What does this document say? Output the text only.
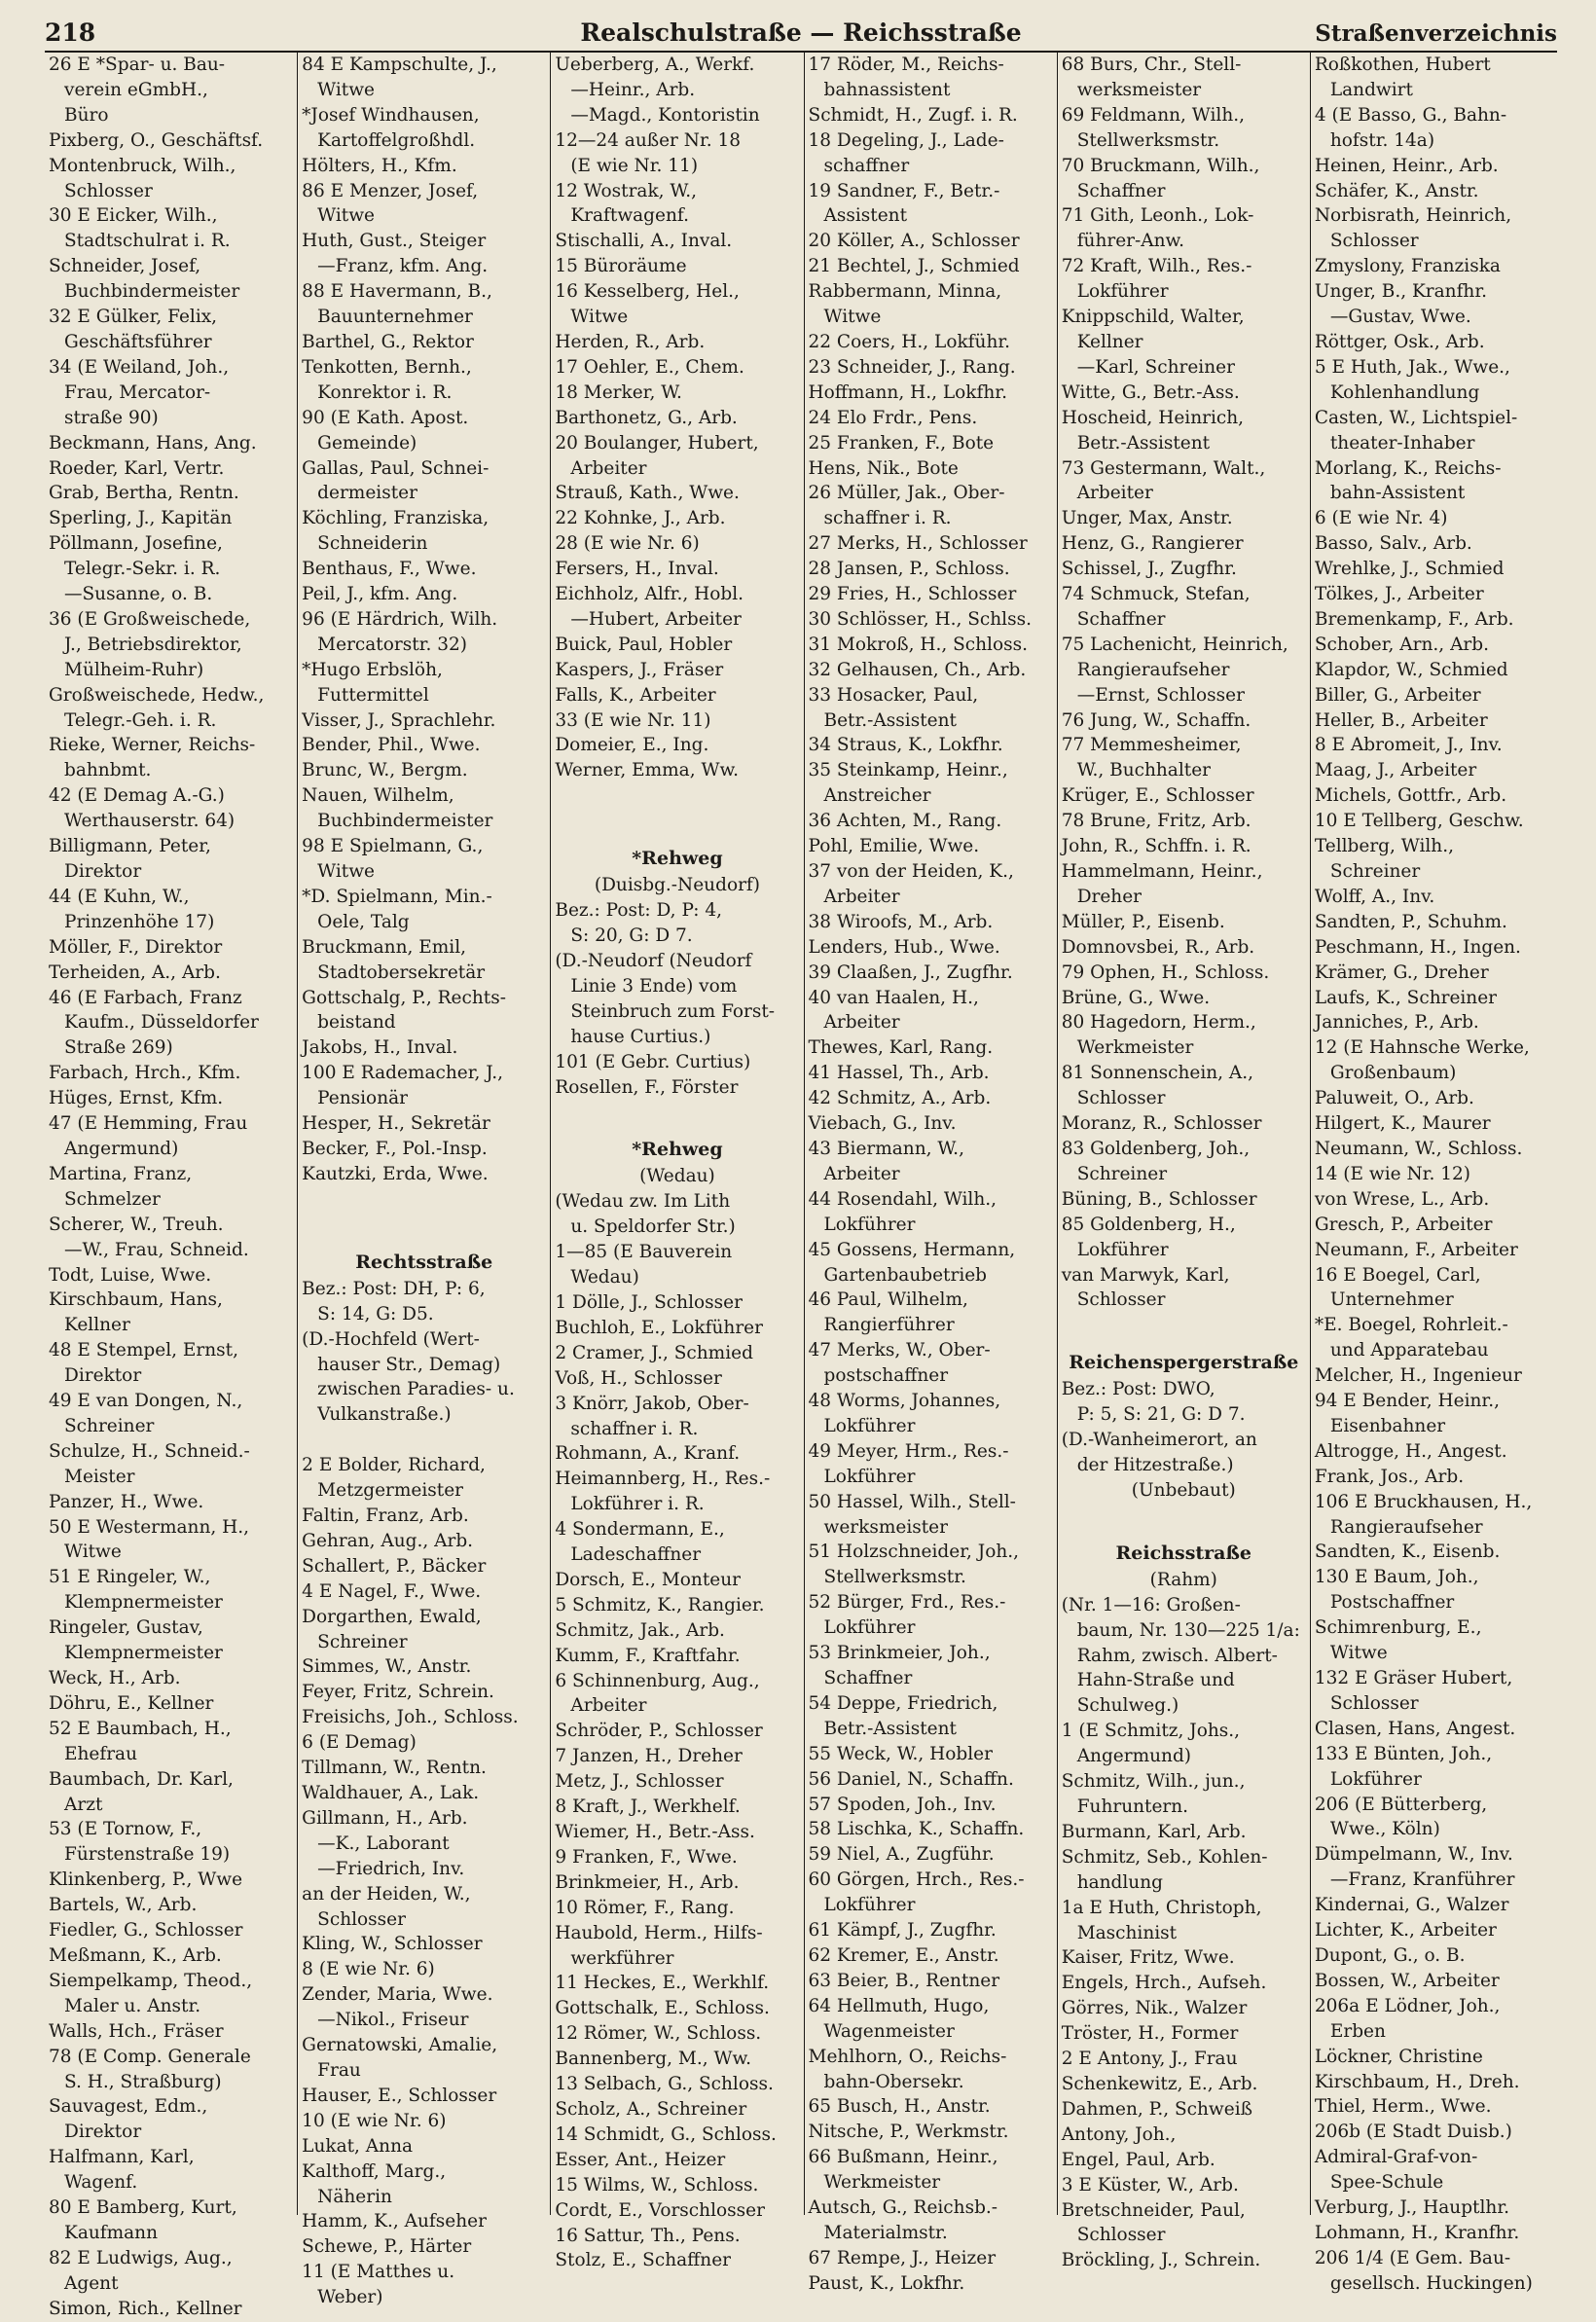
218	Realschulstraße — Reichsstraße	Straßenverzeichnis

26 E *Spar- u. Bau-

verein eGmbH.,

Büro

Pixberg, O., Geschäftsf.

Montenbruck, Wilh.,

Schlosser

30 E Eicker, Wilh.,

Stadtschulrat i. R.

Schneider, Josef,

Buchbindermeister

32 E Gülker, Felix,

Geschäftsführer

34 (E Weiland, Joh.,

Frau, Mercator-

straße 90)

Beckmann, Hans, Ang.

Roeder, Karl, Vertr.

Grab, Bertha, Rentn.

Sperling, J., Kapitän

Pöllmann, Josefine,

Telegr.-Sekr. i. R.

—Susanne, o. B.

36 (E Großweischede,

J., Betriebsdirektor,

Mülheim-Ruhr)

Großweischede, Hedw.,

Telegr.-Geh. i. R.

Rieke, Werner, Reichs-

bahnbmt.

42 (E Demag A.-G.)

Werthauserstr. 64)

Billigmann, Peter,

Direktor

44 (E Kuhn, W.,

Prinzenhöhe 17)

Möller, F., Direktor

Terheiden, A., Arb.

46 (E Farbach, Franz

Kaufm., Düsseldorfer

Straße 269)

Farbach, Hrch., Kfm.

Hüges, Ernst, Kfm.

47 (E Hemming, Frau

Angermund)

Martina, Franz,

Schmelzer

Scherer, W., Treuh.

—W., Frau, Schneid.

Todt, Luise, Wwe.

Kirschbaum, Hans,

Kellner

48 E Stempel, Ernst,

Direktor

49 E van Dongen, N.,

Schreiner

Schulze, H., Schneid.-

Meister

Panzer, H., Wwe.

50 E Westermann, H.,

Witwe

51 E Ringeler, W.,

Klempnermeister

Ringeler, Gustav,

Klempnermeister

Weck, H., Arb.

Döhru, E., Kellner

52 E Baumbach, H.,

Ehefrau

Baumbach, Dr. Karl,

Arzt

53 (E Tornow, F.,

Fürstenstraße 19)

Klinkenberg, P., Wwe

Bartels, W., Arb.

Fiedler, G., Schlosser

Meßmann, K., Arb.

Siempelkamp, Theod.,

Maler u. Anstr.

Walls, Hch., Fräser

78 (E Comp. Generale

S. H., Straßburg)

Sauvagest, Edm.,

Direktor

Halfmann, Karl,

Wagenf.

80 E Bamberg, Kurt,

Kaufmann

82 E Ludwigs, Aug.,

Agent

Simon, Rich., Kellner

84 E Kampschulte, J.,

Witwe

*Josef Windhausen,

Kartoffelgroßhdl.

Hölters, H., Kfm.

86 E Menzer, Josef,

Witwe

Huth, Gust., Steiger

—Franz, kfm. Ang.

88 E Havermann, B.,

Bauunternehmer

Barthel, G., Rektor

Tenkotten, Bernh.,

Konrektor i. R.

90 (E Kath. Apost.

Gemeinde)

Gallas, Paul, Schnei-

dermeister

Köchling, Franziska,

Schneiderin

Benthaus, F., Wwe.

Peil, J., kfm. Ang.

96 (E Härdrich, Wilh.

Mercatorstr. 32)

*Hugo Erbslöh,

Futtermittel

Visser, J., Sprachlehr.

Bender, Phil., Wwe.

Brunc, W., Bergm.

Nauen, Wilhelm,

Buchbindermeister

98 E Spielmann, G.,

Witwe

*D. Spielmann, Min.-

Oele, Talg

Bruckmann, Emil,

Stadtobersekretär

Gottschalg, P., Rechts-

beistand

Jakobs, H., Inval.

100 E Rademacher, J.,

Pensionär

Hesper, H., Sekretär

Becker, F., Pol.-Insp.

Kautzki, Erda, Wwe.

Rechtsstraße

Bez.: Post: DH, P: 6,

S: 14, G: D5.

(D.-Hochfeld (Wert-

hauser Str., Demag)

zwischen Paradies- u.

Vulkanstraße.)

2 E Bolder, Richard,

Metzgermeister

Faltin, Franz, Arb.

Gehran, Aug., Arb.

Schallert, P., Bäcker

4 E Nagel, F., Wwe.

Dorgarthen, Ewald,

Schreiner

Simmes, W., Anstr.

Feyer, Fritz, Schrein.

Freisichs, Joh., Schloss.

6 (E Demag)

Tillmann, W., Rentn.

Waldhauer, A., Lak.

Gillmann, H., Arb.

—K., Laborant

—Friedrich, Inv.

an der Heiden, W.,

Schlosser

Kling, W., Schlosser

8 (E wie Nr. 6)

Zender, Maria, Wwe.

—Nikol., Friseur

Gernatowski, Amalie,

Frau

Hauser, E., Schlosser

10 (E wie Nr. 6)

Lukat, Anna

Kalthoff, Marg.,

Näherin

Hamm, K., Aufseher

Schewe, P., Härter

11 (E Matthes u.

Weber)

Ueberberg, A., Werkf.

—Heinr., Arb.

—Magd., Kontoristin

12—24 außer Nr. 18

(E wie Nr. 11)

12 Wostrak, W.,

Kraftwagenf.

Stischalli, A., Inval.

15 Büroräume

16 Kesselberg, Hel.,

Witwe

Herden, R., Arb.

17 Oehler, E., Chem.

18 Merker, W.

Barthonetz, G., Arb.

20 Boulanger, Hubert,

Arbeiter

Strauß, Kath., Wwe.

22 Kohnke, J., Arb.

28 (E wie Nr. 6)

Fersers, H., Inval.

Eichholz, Alfr., Hobl.

—Hubert, Arbeiter

Buick, Paul, Hobler

Kaspers, J., Fräser

Falls, K., Arbeiter

33 (E wie Nr. 11)

Domeier, E., Ing.

Werner, Emma, Ww.

*Rehweg

(Duisbg.-Neudorf)

Bez.: Post: D, P: 4,

S: 20, G: D 7.

(D.-Neudorf (Neudorf

Linie 3 Ende) vom

Steinbruch zum Forst-

hause Curtius.)

101 (E Gebr. Curtius)

Rosellen, F., Förster

*Rehweg

(Wedau)

(Wedau zw. Im Lith

u. Speldorfer Str.)

1—85 (E Bauverein

Wedau)

1 Dölle, J., Schlosser

Buchloh, E., Lokführer

2 Cramer, J., Schmied

Voß, H., Schlosser

3 Knörr, Jakob, Ober-

schaffner i. R.

Rohmann, A., Kranf.

Heimannberg, H., Res.-

Lokführer i. R.

4 Sondermann, E.,

Ladeschaffner

Dorsch, E., Monteur

5 Schmitz, K., Rangier.

Schmitz, Jak., Arb.

Kumm, F., Kraftfahr.

6 Schinnenburg, Aug.,

Arbeiter

Schröder, P., Schlosser

7 Janzen, H., Dreher

Metz, J., Schlosser

8 Kraft, J., Werkhelf.

Wiemer, H., Betr.-Ass.

9 Franken, F., Wwe.

Brinkmeier, H., Arb.

10 Römer, F., Rang.

Haubold, Herm., Hilfs-

werkführer

11 Heckes, E., Werkhlf.

Gottschalk, E., Schloss.

12 Römer, W., Schloss.

Bannenberg, M., Ww.

13 Selbach, G., Schloss.

Scholz, A., Schreiner

14 Schmidt, G., Schloss.

Esser, Ant., Heizer

15 Wilms, W., Schloss.

Cordt, E., Vorschlosser

16 Sattur, Th., Pens.

Stolz, E., Schaffner

17 Röder, M., Reichs-

bahnassistent

Schmidt, H., Zugf. i. R.

18 Degeling, J., Lade-

schaffner

19 Sandner, F., Betr.-

Assistent

20 Köller, A., Schlosser

21 Bechtel, J., Schmied

Rabbermann, Minna,

Witwe

22 Coers, H., Lokführ.

23 Schneider, J., Rang.

Hoffmann, H., Lokfhr.

24 Elo Frdr., Pens.

25 Franken, F., Bote

Hens, Nik., Bote

26 Müller, Jak., Ober-

schaffner i. R.

27 Merks, H., Schlosser

28 Jansen, P., Schloss.

29 Fries, H., Schlosser

30 Schlösser, H., Schlss.

31 Mokroß, H., Schloss.

32 Gelhausen, Ch., Arb.

33 Hosacker, Paul,

Betr.-Assistent

34 Straus, K., Lokfhr.

35 Steinkamp, Heinr.,

Anstreicher

36 Achten, M., Rang.

Pohl, Emilie, Wwe.

37 von der Heiden, K.,

Arbeiter

38 Wiroofs, M., Arb.

Lenders, Hub., Wwe.

39 Claaßen, J., Zugfhr.

40 van Haalen, H.,

Arbeiter

Thewes, Karl, Rang.

41 Hassel, Th., Arb.

42 Schmitz, A., Arb.

Viebach, G., Inv.

43 Biermann, W.,

Arbeiter

44 Rosendahl, Wilh.,

Lokführer

45 Gossens, Hermann,

Gartenbaubetrieb

46 Paul, Wilhelm,

Rangierführer

47 Merks, W., Ober-

postschaffner

48 Worms, Johannes,

Lokführer

49 Meyer, Hrm., Res.-

Lokführer

50 Hassel, Wilh., Stell-

werksmeister

51 Holzschneider, Joh.,

Stellwerksmstr.

52 Bürger, Frd., Res.-

Lokführer

53 Brinkmeier, Joh.,

Schaffner

54 Deppe, Friedrich,

Betr.-Assistent

55 Weck, W., Hobler

56 Daniel, N., Schaffn.

57 Spoden, Joh., Inv.

58 Lischka, K., Schaffn.

59 Niel, A., Zugführ.

60 Görgen, Hrch., Res.-

Lokführer

61 Kämpf, J., Zugfhr.

62 Kremer, E., Anstr.

63 Beier, B., Rentner

64 Hellmuth, Hugo,

Wagenmeister

Mehlhorn, O., Reichs-

bahn-Obersekr.

65 Busch, H., Anstr.

Nitsche, P., Werkmstr.

66 Bußmann, Heinr.,

Werkmeister

Autsch, G., Reichsb.-

Materialmstr.

67 Rempe, J., Heizer

Paust, K., Lokfhr.

68 Burs, Chr., Stell-

werksmeister

69 Feldmann, Wilh.,

Stellwerksmstr.

70 Bruckmann, Wilh.,

Schaffner

71 Gith, Leonh., Lok-

führer-Anw.

72 Kraft, Wilh., Res.-

Lokführer

Knippschild, Walter,

Kellner

—Karl, Schreiner

Witte, G., Betr.-Ass.

Hoscheid, Heinrich,

Betr.-Assistent

73 Gestermann, Walt.,

Arbeiter

Unger, Max, Anstr.

Henz, G., Rangierer

Schissel, J., Zugfhr.

74 Schmuck, Stefan,

Schaffner

75 Lachenicht, Heinrich,

Rangieraufseher

—Ernst, Schlosser

76 Jung, W., Schaffn.

77 Memmesheimer,

W., Buchhalter

Krüger, E., Schlosser

78 Brune, Fritz, Arb.

John, R., Schffn. i. R.

Hammelmann, Heinr.,

Dreher

Müller, P., Eisenb.

Domnovsbei, R., Arb.

79 Ophen, H., Schloss.

Brüne, G., Wwe.

80 Hagedorn, Herm.,

Werkmeister

81 Sonnenschein, A.,

Schlosser

Moranz, R., Schlosser

83 Goldenberg, Joh.,

Schreiner

Büning, B., Schlosser

85 Goldenberg, H.,

Lokführer

van Marwyk, Karl,

Schlosser

Reichenspergerstraße

Bez.: Post: DWO,

P: 5, S: 21, G: D 7.

(D.-Wanheimerort, an

der Hitzestraße.)

(Unbebaut)

Reichsstraße

(Rahm)

(Nr. 1—16: Großen-

baum, Nr. 130—225 1/a:

Rahm, zwisch. Albert-

Hahn-Straße und

Schulweg.)

1 (E Schmitz, Johs.,

Angermund)

Schmitz, Wilh., jun.,

Fuhruntern.

Burmann, Karl, Arb.

Schmitz, Seb., Kohlen-

handlung

1a E Huth, Christoph,

Maschinist

Kaiser, Fritz, Wwe.

Engels, Hrch., Aufseh.

Görres, Nik., Walzer

Tröster, H., Former

2 E Antony, J., Frau

Schenkewitz, E., Arb.

Dahmen, P., Schweiß

Antony, Joh.,

Engel, Paul, Arb.

3 E Küster, W., Arb.

Bretschneider, Paul,

Schlosser

Bröckling, J., Schrein.

Roßkothen, Hubert

Landwirt

4 (E Basso, G., Bahn-

hofstr. 14a)

Heinen, Heinr., Arb.

Schäfer, K., Anstr.

Norbisrath, Heinrich,

Schlosser

Zmyslony, Franziska

Unger, B., Kranfhr.

—Gustav, Wwe.

Röttger, Osk., Arb.

5 E Huth, Jak., Wwe.,

Kohlenhandlung

Casten, W., Lichtspiel-

theater-Inhaber

Morlang, K., Reichs-

bahn-Assistent

6 (E wie Nr. 4)

Basso, Salv., Arb.

Wrehlke, J., Schmied

Tölkes, J., Arbeiter

Bremenkamp, F., Arb.

Schober, Arn., Arb.

Klapdor, W., Schmied

Biller, G., Arbeiter

Heller, B., Arbeiter

8 E Abromeit, J., Inv.

Maag, J., Arbeiter

Michels, Gottfr., Arb.

10 E Tellberg, Geschw.

Tellberg, Wilh.,

Schreiner

Wolff, A., Inv.

Sandten, P., Schuhm.

Peschmann, H., Ingen.

Krämer, G., Dreher

Laufs, K., Schreiner

Janniches, P., Arb.

12 (E Hahnsche Werke,

Großenbaum)

Paluweit, O., Arb.

Hilgert, K., Maurer

Neumann, W., Schloss.

14 (E wie Nr. 12)

von Wrese, L., Arb.

Gresch, P., Arbeiter

Neumann, F., Arbeiter

16 E Boegel, Carl,

Unternehmer

*E. Boegel, Rohrleit.-

und Apparatebau

Melcher, H., Ingenieur

94 E Bender, Heinr.,

Eisenbahner

Altrogge, H., Angest.

Frank, Jos., Arb.

106 E Bruckhausen, H.,

Rangieraufseher

Sandten, K., Eisenb.

130 E Baum, Joh.,

Postschaffner

Schimrenburg, E.,

Witwe

132 E Gräser Hubert,

Schlosser

Clasen, Hans, Angest.

133 E Bünten, Joh.,

Lokführer

206 (E Bütterberg,

Wwe., Köln)

Dümpelmann, W., Inv.

—Franz, Kranführer

Kindernai, G., Walzer

Lichter, K., Arbeiter

Dupont, G., o. B.

Bossen, W., Arbeiter

206a E Lödner, Joh.,

Erben

Löckner, Christine

Kirschbaum, H., Dreh.

Thiel, Herm., Wwe.

206b (E Stadt Duisb.)

Admiral-Graf-von-

Spee-Schule

Verburg, J., Hauptlhr.

Lohmann, H., Kranfhr.

206 1/4 (E Gem. Bau-

gesellsch. Huckingen)
